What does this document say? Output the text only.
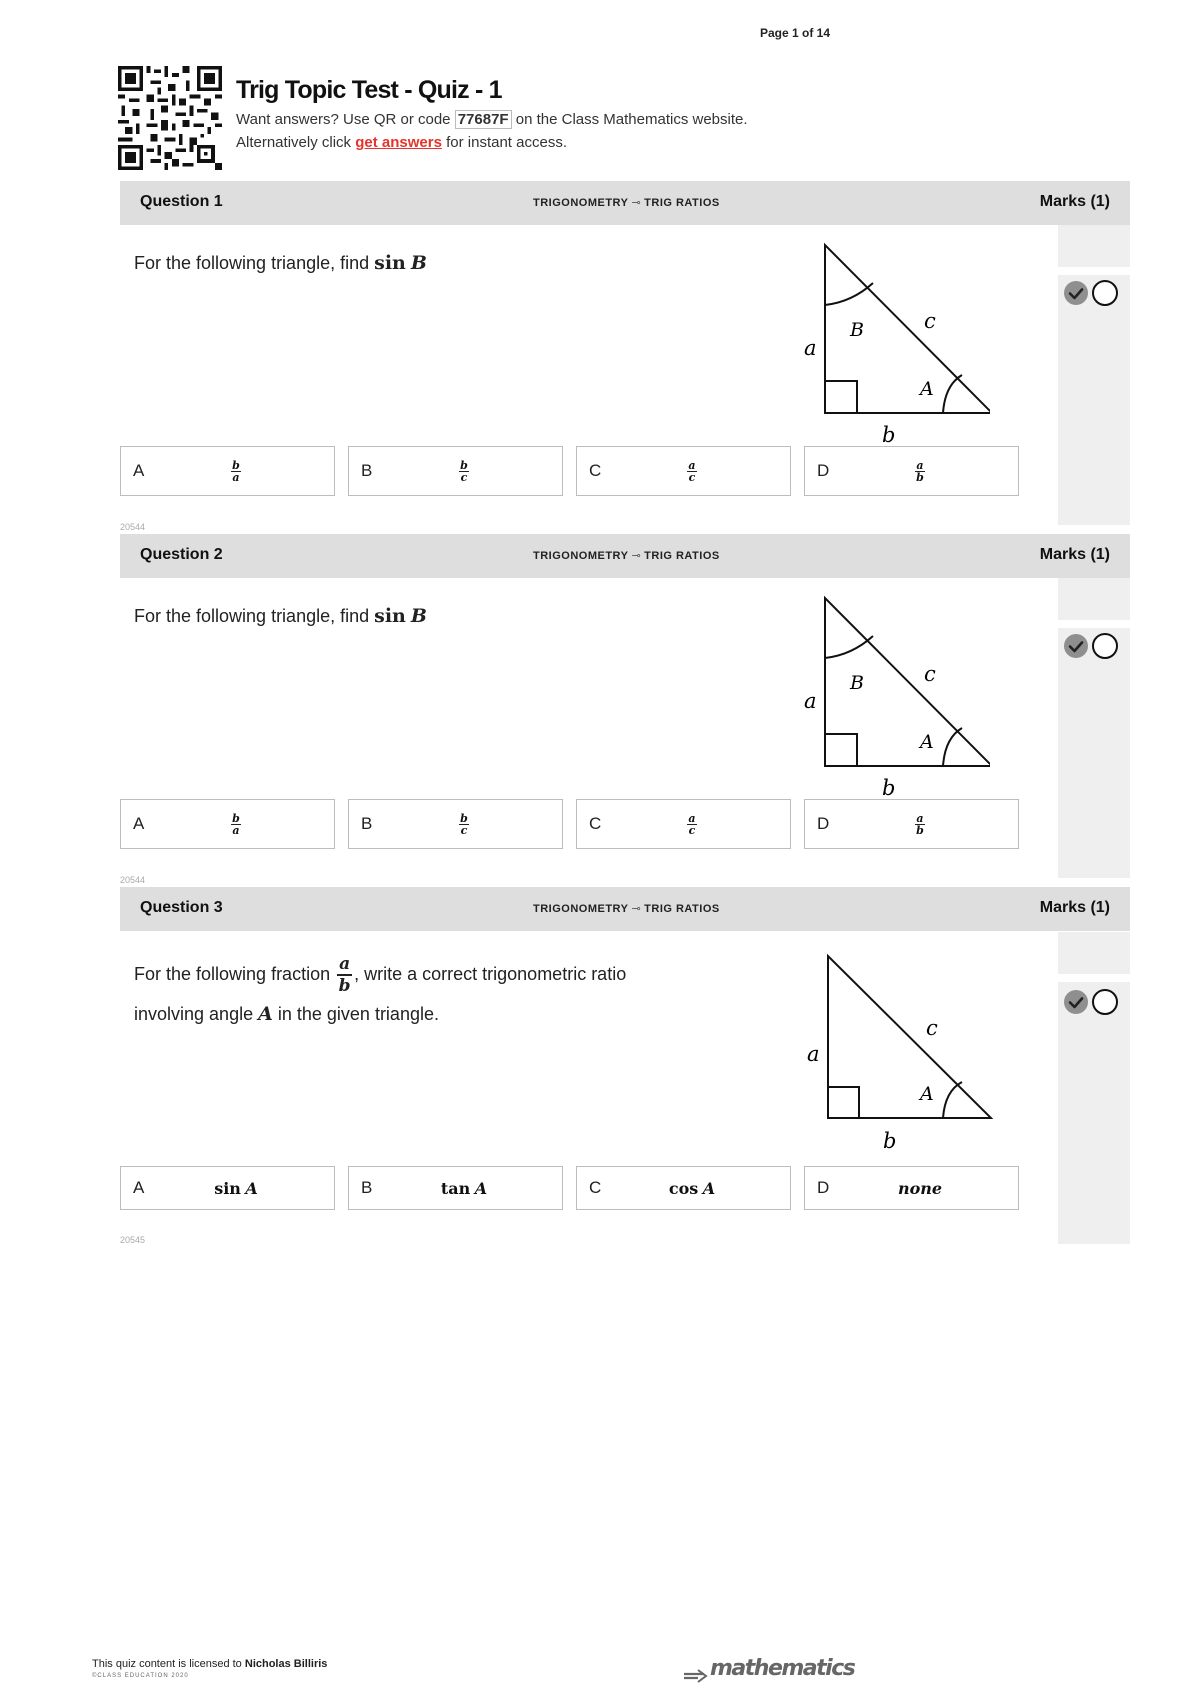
Page 1 of 14
Trig Topic Test - Quiz - 1
Want answers? Use QR or code 77687F on the Class Mathematics website.
Alternatively click get answers for instant access.
Question 1	TRIGONOMETRY ⊸ TRIG RATIOS	Marks (1)
For the following triangle, find sin B
a
b
c
A
B
A	$\frac{b}{a}$	B	$\frac{b}{c}$	C	$\frac{a}{c}$	D	$\frac{a}{b}$
20544
Question 2	TRIGONOMETRY ⊸ TRIG RATIOS	Marks (1)
For the following triangle, find sin B
a
b
c
A
B
A	$\frac{b}{a}$	B	$\frac{b}{c}$	C	$\frac{a}{c}$	D	$\frac{a}{b}$
20544
Question 3	TRIGONOMETRY ⊸ TRIG RATIOS	Marks (1)
For the following fraction $\frac{a}{b}$ , write a correct trigonometric ratio
involving angle A in the given triangle.
a
b
c
A
A	sin
A	B	tan
A	C	cos
A	D	none
20545
This quiz content is licensed to Nicholas Billiris
©CLASS EDUCATION 2020	mathematics
